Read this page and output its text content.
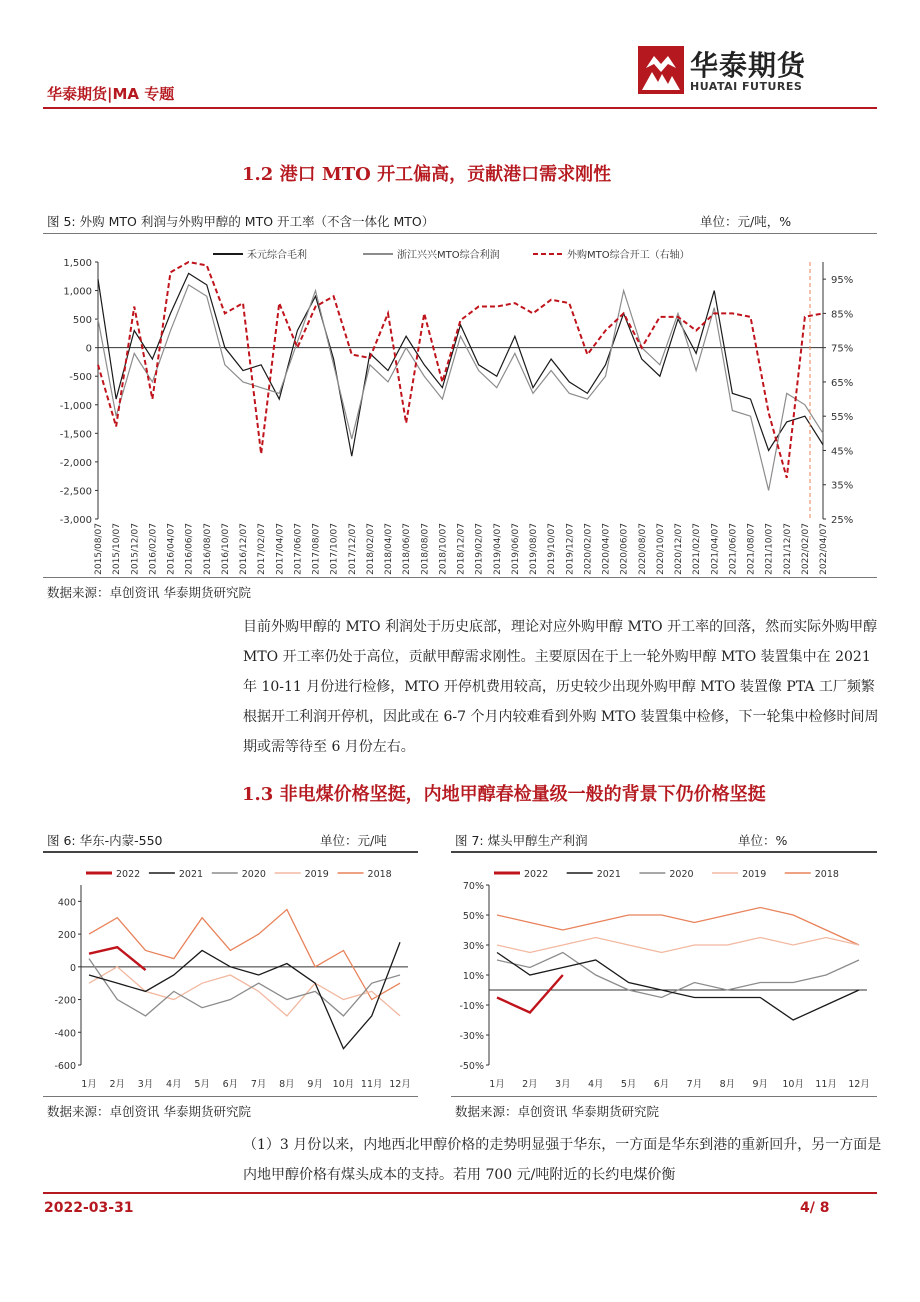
华泰期货|MA 专题
华泰期货
HUATAI FUTURES
1.2 港口 MTO 开工偏高，贡献港口需求刚性
图 5: 外购 MTO 利润与外购甲醇的 MTO 开工率（不含一体化 MTO）	单位：元/吨，%
禾元综合毛利	浙江兴兴MTO综合利润	外购MTO综合开工（右轴）
1,500
1,000
500
0
-500
-1,000
-1,500
-2,000
-2,500
-3,000
95%
85%
75%
65%
55%
45%
35%
25%
2015/08/07 2015/10/07 2015/12/07 2016/02/07 2016/04/07 2016/06/07 2016/08/07 2016/10/07 2016/12/07 2017/02/07 2017/04/07 2017/06/07 2017/08/07 2017/10/07 2017/12/07 2018/02/07 2018/04/07 2018/06/07 2018/08/07 2018/10/07 2018/12/07 2019/02/07 2019/04/07 2019/06/07 2019/08/07 2019/10/07 2019/12/07 2020/02/07 2020/04/07 2020/06/07 2020/08/07 2020/10/07 2020/12/07 2021/02/07 2021/04/07 2021/06/07 2021/08/07 2021/10/07 2021/12/07 2022/02/07 2022/04/07
数据来源：卓创资讯 华泰期货研究院
目前外购甲醇的 MTO 利润处于历史底部，理论对应外购甲醇 MTO 开工率的回落，然而实际外购甲醇 MTO 开工率仍处于高位，贡献甲醇需求刚性。主要原因在于上一轮外购甲醇 MTO 装置集中在 2021 年 10-11 月份进行检修，MTO 开停机费用较高，历史较少出现外购甲醇 MTO 装置像 PTA 工厂频繁根据开工利润开停机，因此或在 6-7 个月内较难看到外购 MTO 装置集中检修，下一轮集中检修时间周期或需等待至 6 月份左右。
1.3 非电煤价格坚挺，内地甲醇春检量级一般的背景下仍价格坚挺
图 6: 华东-内蒙-550	单位：元/吨
2022	2021	2020	2019	2018
400
200
0
-200
-400
-600
1月 2月 3月 4月 5月 6月 7月 8月 9月 10月 11月 12月
数据来源：卓创资讯 华泰期货研究院
图 7: 煤头甲醇生产利润	单位：%
2022	2021	2020	2019	2018
70%
50%
30%
10%
-10%
-30%
-50%
1月 2月 3月 4月 5月 6月 7月 8月 9月 10月 11月 12月
数据来源：卓创资讯 华泰期货研究院
（1）3 月份以来，内地西北甲醇价格的走势明显强于华东，一方面是华东到港的重新回升，另一方面是内地甲醇价格有煤头成本的支持。若用 700 元/吨附近的长约电煤价衡
2022-03-31	4/ 8
